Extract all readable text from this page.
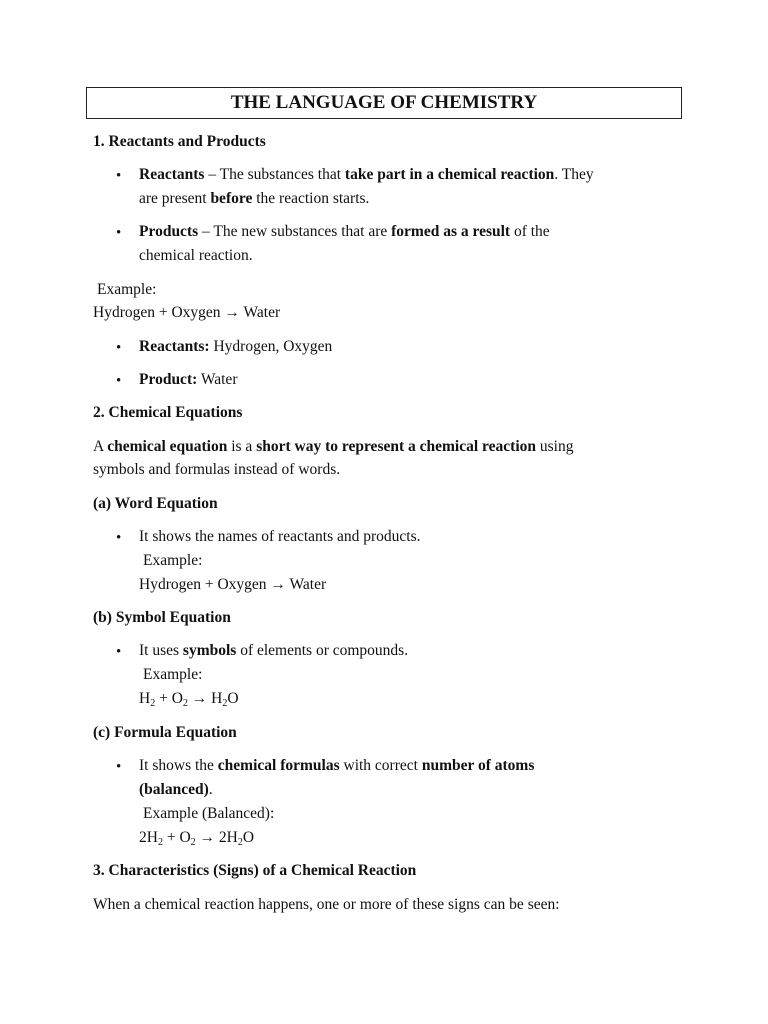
THE LANGUAGE OF CHEMISTRY
1. Reactants and Products
• Reactants – The substances that take part in a chemical reaction. They
are present before the reaction starts.
• Products – The new substances that are formed as a result of the
chemical reaction.
Example:
Hydrogen + Oxygen → Water
• Reactants: Hydrogen, Oxygen
• Product: Water
2. Chemical Equations
A chemical equation is a short way to represent a chemical reaction using
symbols and formulas instead of words.
(a) Word Equation
• It shows the names of reactants and products.
Example:
Hydrogen + Oxygen → Water
(b) Symbol Equation
• It uses symbols of elements or compounds.
Example:
$H_2 + O_2 \to H_2O$
(c) Formula Equation
• It shows the chemical formulas with correct number of atoms
(balanced).
Example (Balanced):
$2H_2 + O_2 \to 2H_2O$
3. Characteristics (Signs) of a Chemical Reaction
When a chemical reaction happens, one or more of these signs can be seen:
